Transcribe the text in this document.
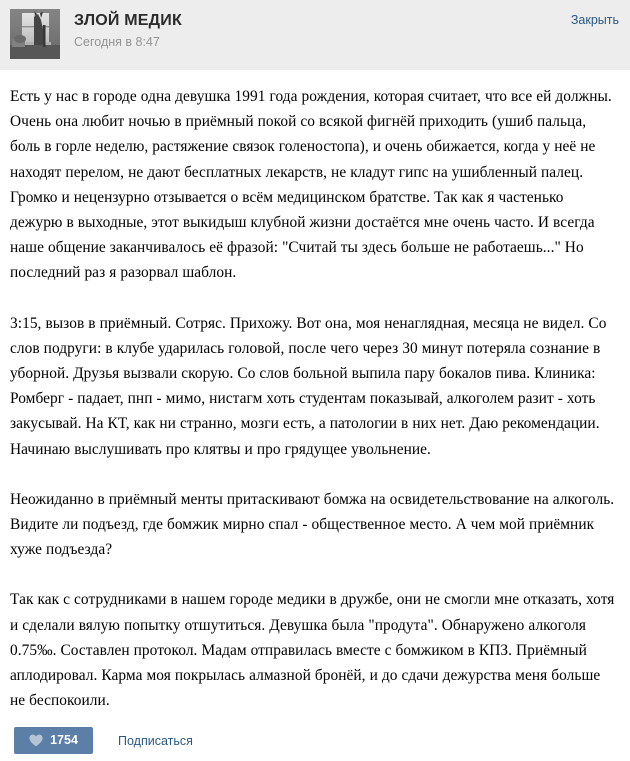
ЗЛОЙ МЕДИК
Сегодня в 8:47
Закрыть

Есть у нас в городе одна девушка 1991 года рождения, которая считает, что все ей должны. Очень она любит ночью в приёмный покой со всякой фигнёй приходить (ушиб пальца, боль в горле неделю, растяжение связок голеностопа), и очень обижается, когда у неё не находят перелом, не дают бесплатных лекарств, не кладут гипс на ушибленный палец. Громко и нецензурно отзывается о всём медицинском братстве. Так как я частенько дежурю в выходные, этот выкидыш клубной жизни достаётся мне очень часто. И всегда наше общение заканчивалось её фразой: "Считай ты здесь больше не работаешь..." Но последний раз я разорвал шаблон.

3:15, вызов в приёмный. Сотряс. Прихожу. Вот она, моя ненаглядная, месяца не видел. Со слов подруги: в клубе ударилась головой, после чего через 30 минут потеряла сознание в уборной. Друзья вызвали скорую. Со слов больной выпила пару бокалов пива. Клиника: Ромберг - падает, пнп - мимо, нистагм хоть студентам показывай, алкоголем разит - хоть закусывай. На КТ, как ни странно, мозги есть, а патологии в них нет. Даю рекомендации. Начинаю выслушивать про клятвы и про грядущее увольнение.

Неожиданно в приёмный менты притаскивают бомжа на освидетельствование на алкоголь. Видите ли подъезд, где бомжик мирно спал - общественное место. А чем мой приёмник хуже подъезда?

Так как с сотрудниками в нашем городе медики в дружбе, они не смогли мне отказать, хотя и сделали вялую попытку отшутиться. Девушка была "продута". Обнаружено алкоголя 0.75‰. Составлен протокол. Мадам отправилась вместе с бомжиком в КПЗ. Приёмный аплодировал. Карма моя покрылась алмазной бронёй, и до сдачи дежурства меня больше не беспокоили.

1754	Подписаться
